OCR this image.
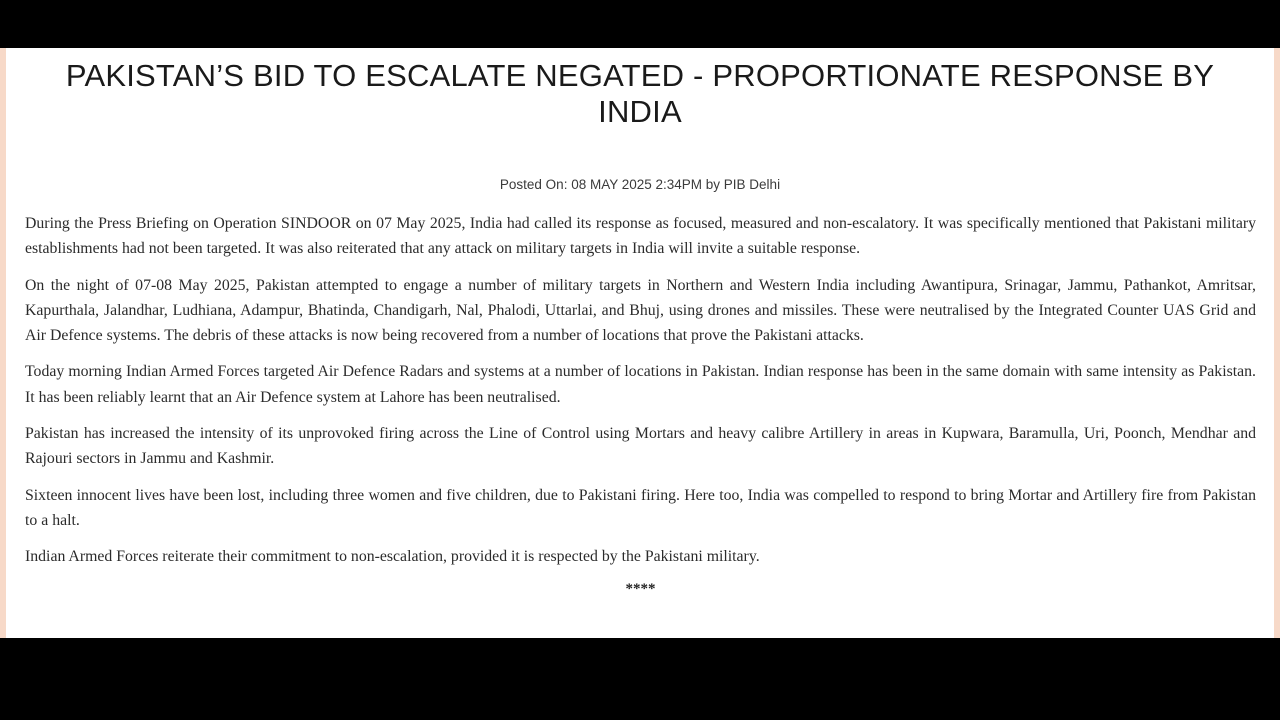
PAKISTAN’S BID TO ESCALATE NEGATED - PROPORTIONATE RESPONSE BY INDIA
Posted On: 08 MAY 2025 2:34PM by PIB Delhi

During the Press Briefing on Operation SINDOOR on 07 May 2025, India had called its response as focused, measured and non-escalatory. It was specifically mentioned that Pakistani military establishments had not been targeted. It was also reiterated that any attack on military targets in India will invite a suitable response.

On the night of 07-08 May 2025, Pakistan attempted to engage a number of military targets in Northern and Western India including Awantipura, Srinagar, Jammu, Pathankot, Amritsar, Kapurthala, Jalandhar, Ludhiana, Adampur, Bhatinda, Chandigarh, Nal, Phalodi, Uttarlai, and Bhuj, using drones and missiles. These were neutralised by the Integrated Counter UAS Grid and Air Defence systems. The debris of these attacks is now being recovered from a number of locations that prove the Pakistani attacks.

Today morning Indian Armed Forces targeted Air Defence Radars and systems at a number of locations in Pakistan. Indian response has been in the same domain with same intensity as Pakistan. It has been reliably learnt that an Air Defence system at Lahore has been neutralised.

Pakistan has increased the intensity of its unprovoked firing across the Line of Control using Mortars and heavy calibre Artillery in areas in Kupwara, Baramulla, Uri, Poonch, Mendhar and Rajouri sectors in Jammu and Kashmir.

Sixteen innocent lives have been lost, including three women and five children, due to Pakistani firing. Here too, India was compelled to respond to bring Mortar and Artillery fire from Pakistan to a halt.

Indian Armed Forces reiterate their commitment to non-escalation, provided it is respected by the Pakistani military.

****
